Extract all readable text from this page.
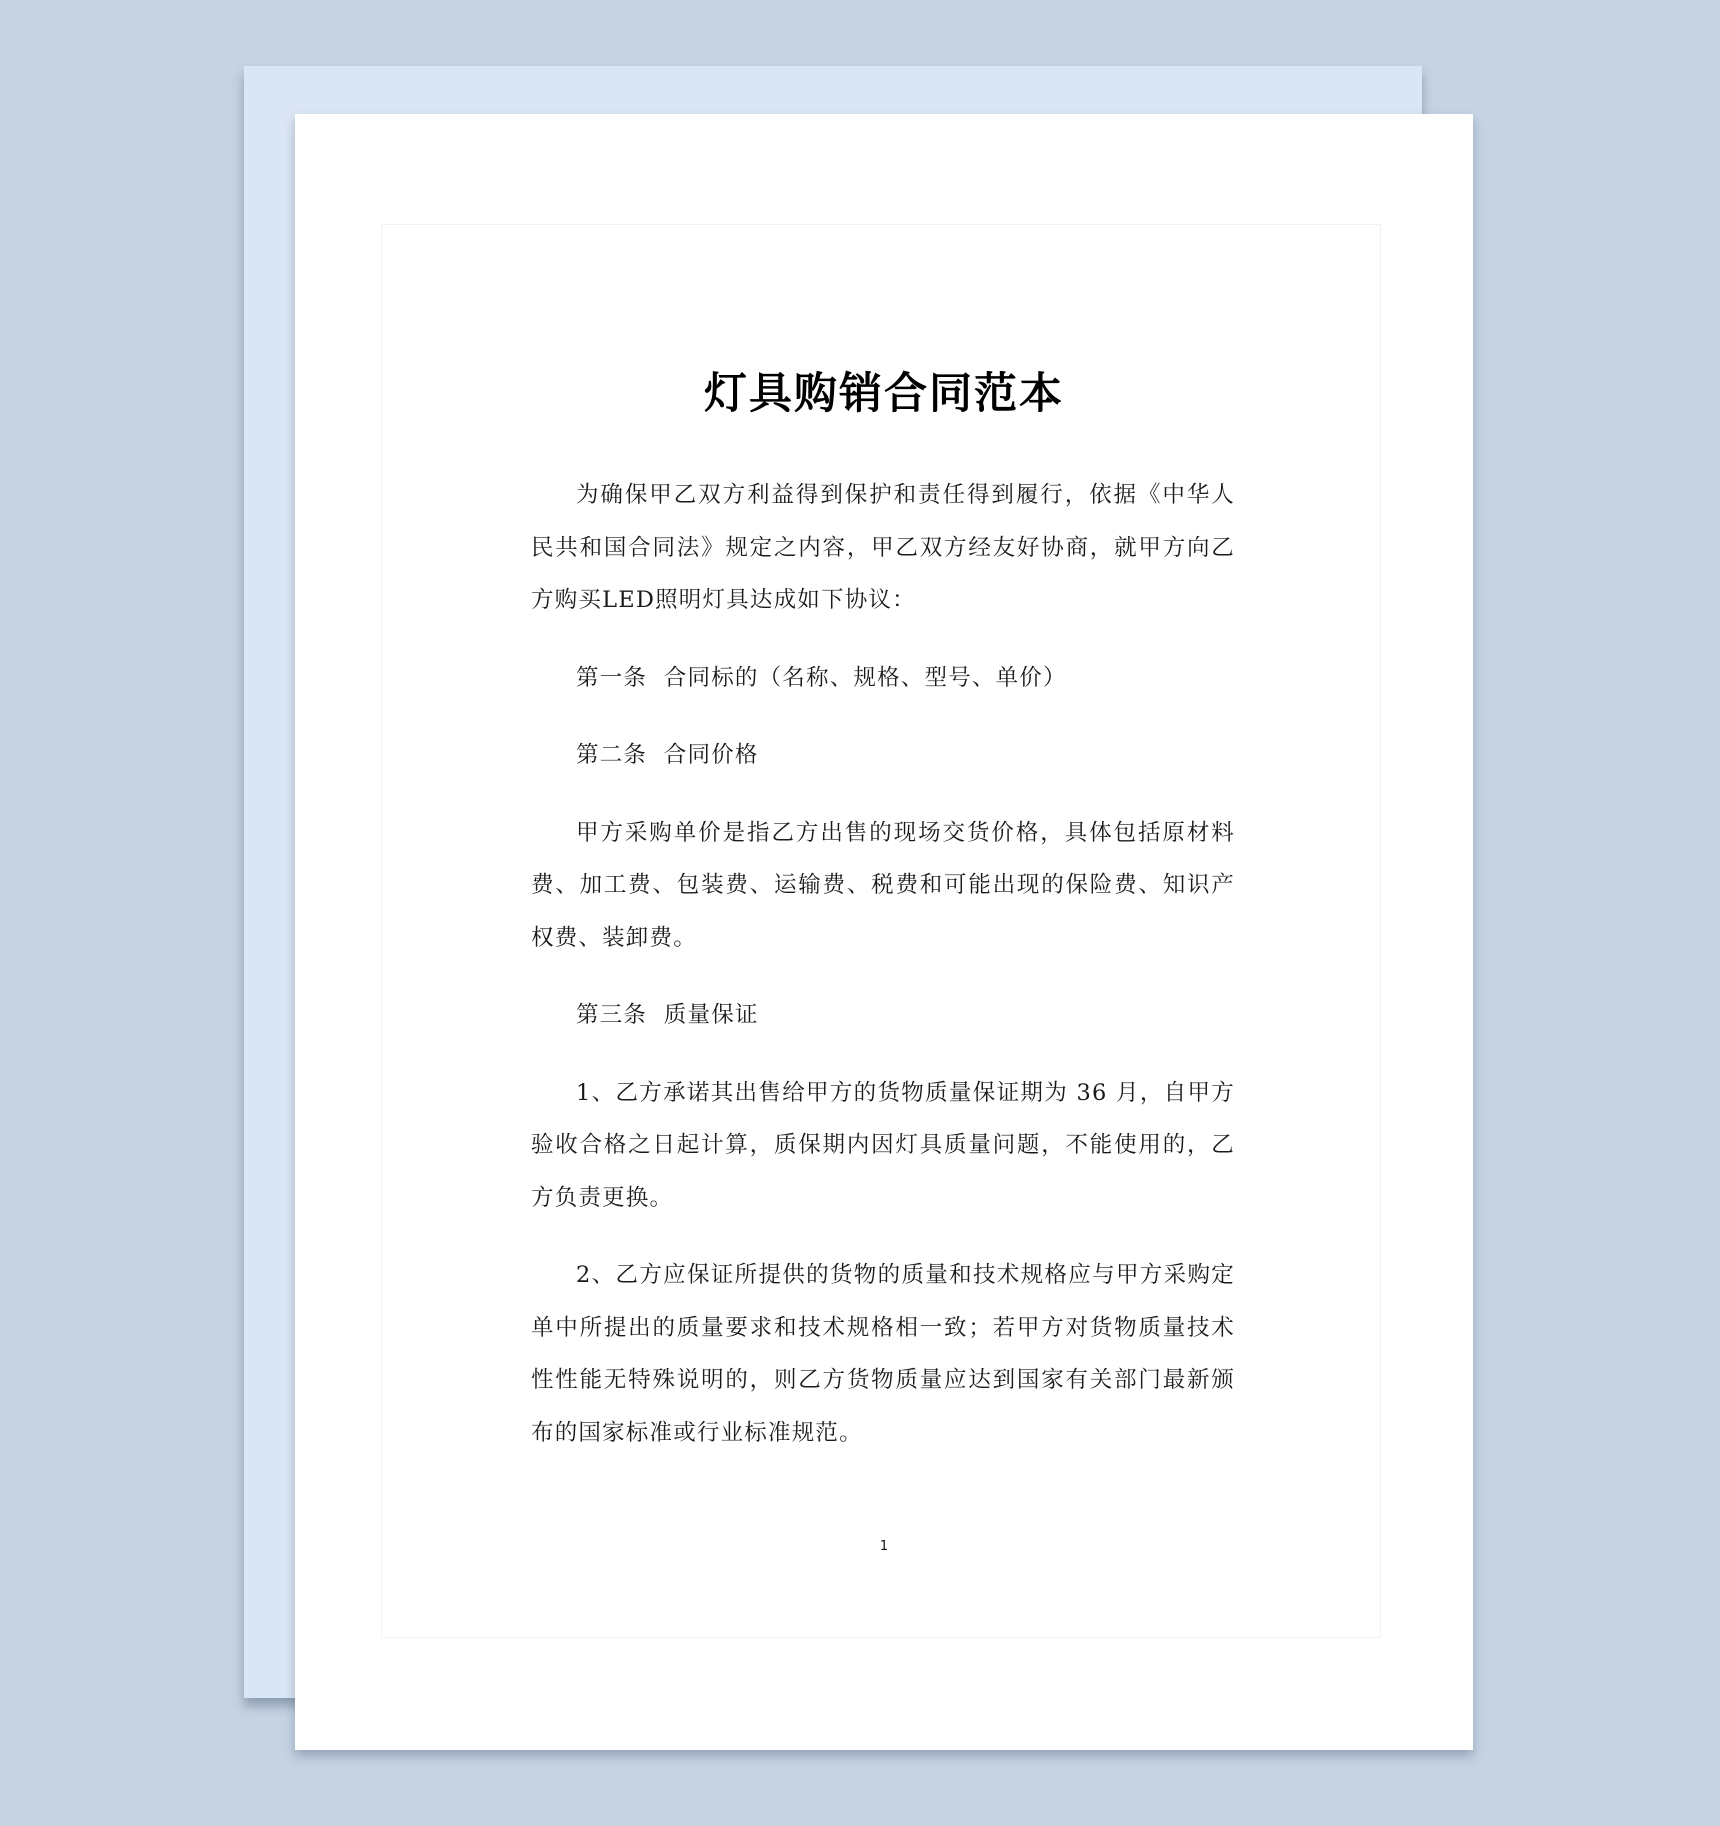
灯具购销合同范本

为确保甲乙双方利益得到保护和责任得到履行，依据《中华人民共和国合同法》规定之内容，甲乙双方经友好协商，就甲方向乙方购买LED照明灯具达成如下协议：

第一条  合同标的（名称、规格、型号、单价）

第二条  合同价格

甲方采购单价是指乙方出售的现场交货价格，具体包括原材料费、加工费、包装费、运输费、税费和可能出现的保险费、知识产权费、装卸费。

第三条  质量保证

1、乙方承诺其出售给甲方的货物质量保证期为 36 月，自甲方验收合格之日起计算，质保期内因灯具质量问题，不能使用的，乙方负责更换。

2、乙方应保证所提供的货物的质量和技术规格应与甲方采购定单中所提出的质量要求和技术规格相一致；若甲方对货物质量技术性性能无特殊说明的，则乙方货物质量应达到国家有关部门最新颁布的国家标准或行业标准规范。

1
